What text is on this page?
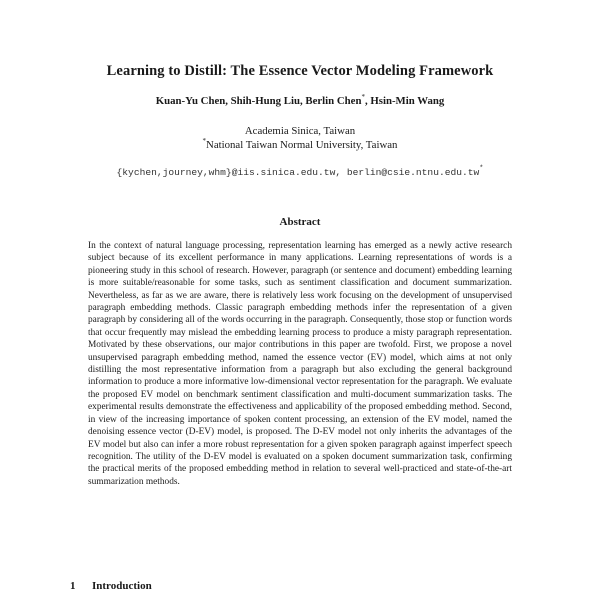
Learning to Distill: The Essence Vector Modeling Framework
Kuan-Yu Chen, Shih-Hung Liu, Berlin Chen*, Hsin-Min Wang
Academia Sinica, Taiwan
*National Taiwan Normal University, Taiwan
{kychen,journey,whm}@iis.sinica.edu.tw, berlin@csie.ntnu.edu.tw*
Abstract
In the context of natural language processing, representation learning has emerged as a newly active research subject because of its excellent performance in many applications. Learning representations of words is a pioneering study in this school of research. However, paragraph (or sentence and document) embedding learning is more suitable/reasonable for some tasks, such as sentiment classification and document summarization. Nevertheless, as far as we are aware, there is relatively less work focusing on the development of unsupervised paragraph embedding methods. Classic paragraph embedding methods infer the representation of a given paragraph by considering all of the words occurring in the paragraph. Consequently, those stop or function words that occur frequently may mislead the embedding learning process to produce a misty paragraph representation. Motivated by these observations, our major contributions in this paper are twofold. First, we propose a novel unsupervised paragraph embedding method, named the essence vector (EV) model, which aims at not only distilling the most representative information from a paragraph but also excluding the general background information to produce a more informative low-dimensional vector representation for the paragraph. We evaluate the proposed EV model on benchmark sentiment classification and multi-document summarization tasks. The experimental results demonstrate the effectiveness and applicability of the proposed embedding method. Second, in view of the increasing importance of spoken content processing, an extension of the EV model, named the denoising essence vector (D-EV) model, is proposed. The D-EV model not only inherits the advantages of the EV model but also can infer a more robust representation for a given spoken paragraph against imperfect speech recognition. The utility of the D-EV model is evaluated on a spoken document summarization task, confirming the practical merits of the proposed embedding method in relation to several well-practiced and state-of-the-art summarization methods.
1 Introduction
